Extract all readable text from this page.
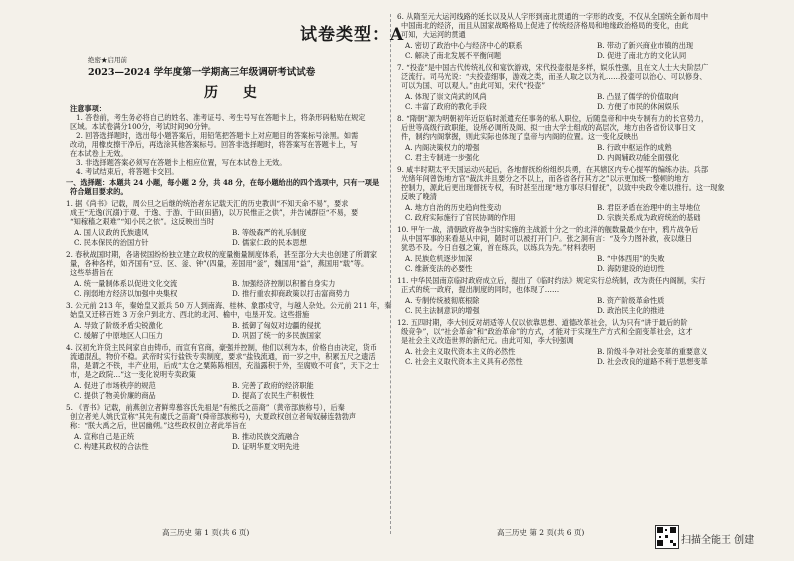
绝密★启用前
2023—2024 学年度第一学期高三年级调研考试试卷
历 史
注意事项：
1. 答卷前，考生务必将自己的姓名、准考证号、考生号写在答题卡上，将条形码粘贴在规定
区域。本试卷满分100分，考试时间90分钟。
2. 回答选择题时，选出每小题答案后，用铅笔把答题卡上对应题目的答案标号涂黑。如需
改动，用橡皮擦干净后，再选涂其他答案标号。回答非选择题时，将答案写在答题卡上，写
在本试卷上无效。
3. 非选择题答案必须写在答题卡上相应位置，写在本试卷上无效。
4. 考试结束后，将答题卡交回。
一、选择题：本题共 24 小题，每小题 2 分，共 48 分，在每小题给出的四个选项中，只有一项是
符合题目要求的。
1. 据《尚书》记载，周公旦之后继的统治者东记载天汇的历史教训“不知天命不易”，要求
成王“无逸(沉溺)于观、于逸、于游、于田(田猎)，以万民惟正之供”，并告诫群臣“不易，要
“知稼穑之艰难”“知小民之依”。这反映出当时
A. 国人议政的氏族遗风	B. 等级森严的礼乐制度
C. 民本保民的治国方针	D. 儒家仁政的民本思想
2. 春秋战国时期，各诸侯国纷纷独立建立政权的度量衡量制度体系，甚至部分大夫也创建了所谓家
量，各种各样，如齐国有“豆、区、釜、钟”(四量，差国用“釜”，魏国用“益”，燕国用“载”等。
这些举措旨在
A. 统一量制体系以促进文化交流	B. 加强经济控制以积蓄自身实力
C. 削弱地方经济以加强中央集权	D. 推行重农抑商政策以打击富商势力
3. 公元前 213 年，秦始皇又派兵 50 万人到南海、桂林、象郡戍守，与越人杂处。公元前 211 年，秦
始皇又迁移百姓 3 万余户到北方、西北的北河、榆中，屯垦开发。这些措施
A. 导致了阶级矛盾尖锐激化	B. 抵御了匈奴对边疆的侵扰
C. 缓解了中原地区人口压力	D. 巩固了统一的多民族国家
4. 汉初允许货主民间家自由铸币，而宣有官商，豪强并控制，他们以利为本，价格自由决定，货币
流通混乱，物价不稳。武帝时实行盐铁专卖制度，要求“盐钱流通，而一岁之中，积累五尺之遗活
帛，是谓之不铁，丰产业用，后成“太仓之粟陈陈相因，充溢露积于外，至腐败不可食”，天下之士
市，是之政院…”这一变化说明专卖政策
A. 促进了市场秩序的规范	B. 完善了政府的经济职能
C. 提供了物美价廉的商品	D. 提高了农民生产积极性
5. 《晋书》记载，前燕创立者鲜卑慕容氏先祖是“有熊氏之苗裔”（黄帝部族称号），后秦
创立者羌人姚氏宣称“其先有虞氏之苗裔”(舜帝部族称号)，大夏政权创立者匈奴赫连勃勃声
称：“朕大禹之后，世居幽朔。”这些政权创立者此举旨在
A. 宣称自己是正统	B. 推动民族交流融合
C. 构建其政权的合法性	D. 证明华夏文明先进
高三历史 第 1 页(共 6 页)
试卷类型：A
6. 从隋至元大运河线路的延长以及从人字形到南北贯通的一字形的改变，不仅从全国统全新布局中
中国南北的经济，而且从国家战略格局上促进了传统经济格局和地缘政治格局的变化，由此
可知，大运河的贯通
A. 密切了政治中心与经济中心的联系	B. 带动了新兴商业市镇的出现
C. 解决了南北发展不平衡问题	D. 促进了南北方的文化认同
7. “投壶”是中国古代传统礼仪和宴饮游戏，宋代投壶很是多样，娱乐性强，且在文人士大夫阶层广
泛流行。司马光说：“夫投壶细事，游戏之类，而圣人取之以为礼……投壶可以治心、可以修身、
可以为国、可以观人。”由此可知，宋代“投壶”
A. 体现了崇文尚武的风尚	B. 凸显了儒学的价值取向
C. 丰富了政府的教化手段	D. 方便了市民的休闲娱乐
8. “隋朝”源为明朝初年近臣临时派遣充任事务的私人职位，后随皇帝和中央专制有力的长官势力，
后世等高级行政职能，设所必调所及阁、拟一由大学士组成的高层次，地方由各省份议事日文
件，制约内阁掌握，则此实际也体现了皇帝与内阁的位置。这一变化反映出
A. 内阁决策权力的增强	B. 行政中枢运作的成熟
C. 君主专制进一步强化	D. 内阁辅政功能全面强化
9. 咸丰时期太平天国运动兴起后，各地督抚纷纷组织兵勇，在其辖区内专心提军的编练办法。兵部
光绪年间曾饬地方官“裁汰并且要分之不以上，而各省各行其方之”以示更加统一整顿的地方
控制力，源此后更出现督抚专权，有时甚至出现“地方事尽归督抚”，以致中央政令难以推行。这一现象
反映了晚清
A. 地方自治的历史趋向性变动	B. 君臣矛盾在治理中的主导地位
C. 政府实际施行了官民协调的作用	D. 宗族关系成为政府统治的基础
10. 甲午一战，清朝政府战争当时实施的主战派十分之一的北洋的舰数量最少在中，鸦片战争后
从中国军事的来看是从中间，随时可以被打开门户。张之洞有言：“及今力图补救，夜以继日
犹恐不及。今日自强之策，首在练兵，以练兵为先。”材料表明
A. 民族危机逐步加深	B. “中体西用”的失败
C. 维新变法的必要性	D. 海防建设的迫切性
11. 中华民国南京临时政府成立后，提出了《临时约法》规定实行总统制，改为责任内阁制，实行
正式的统一政府，提出制度的同时，也体现了……
A. 专制传统被彻底根除	B. 资产阶级革命性质
C. 民主法制意识的增强	D. 政治民主化的推进
12. 五四时期，李大钊反对胡适等人仅以依靠思想、道德改革社会，认为只有“讲于最后的阶
级竞争”，以“社会革命”和“政治革命”的方式，才能对于实现生产方式和全面变革社会，这才
是社会主义改造世界的新纪元。由此可知，李大钊强调
A. 社会主义取代资本主义的必然性	B. 阶级斗争对社会变革的重要意义
C. 社会主义取代资本主义具有必然性	D. 社会改良的道路不利于思想变革
高三历史 第 2 页(共 6 页)
扫描全能王 创建
